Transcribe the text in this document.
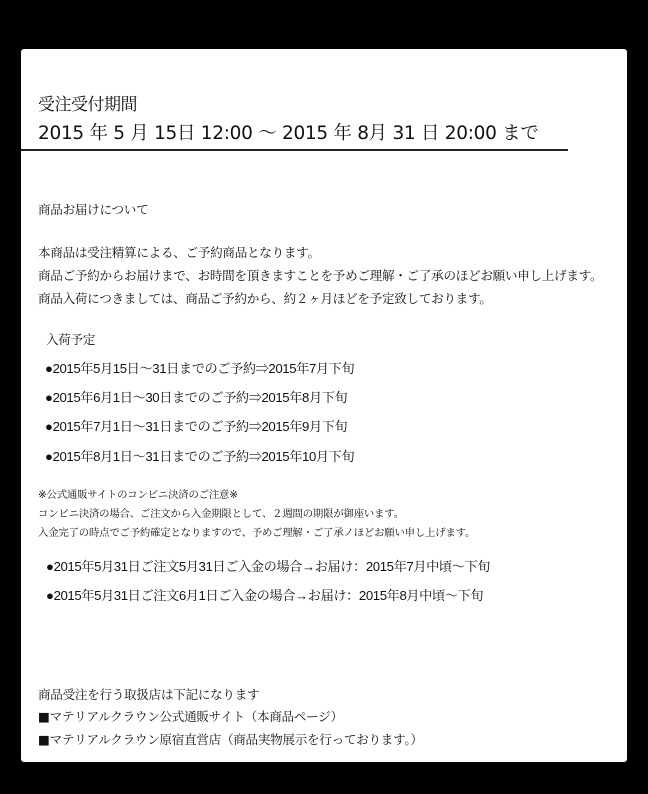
受注受付期間
2015 年 5 月 15日 12:00 〜 2015 年 8月 31 日 20:00 まで
商品お届けについて
本商品は受注精算による、ご予約商品となります。
商品ご予約からお届けまで、お時間を頂きますことを予めご理解・ご了承のほどお願い申し上げます。
商品入荷につきましては、商品ご予約から、約２ヶ月ほどを予定致しております。
入荷予定
●2015年5月15日〜31日までのご予約⇒2015年7月下旬
●2015年6月1日〜30日までのご予約⇒2015年8月下旬
●2015年7月1日〜31日までのご予約⇒2015年9月下旬
●2015年8月1日〜31日までのご予約⇒2015年10月下旬
※公式通販サイトのコンビニ決済のご注意※
コンビニ決済の場合、ご注文から入金期限として、２週間の期限が御座います。
入金完了の時点でご予約確定となりますので、予めご理解・ご了承ノほどお願い申し上げます。
●2015年5月31日ご注文5月31日ご入金の場合→お届け：2015年7月中頃〜下旬
●2015年5月31日ご注文6月1日ご入金の場合→お届け：2015年8月中頃〜下旬
商品受注を行う取扱店は下記になります
■マテリアルクラウン公式通販サイト（本商品ページ）
■マテリアルクラウン原宿直営店（商品実物展示を行っております。）
